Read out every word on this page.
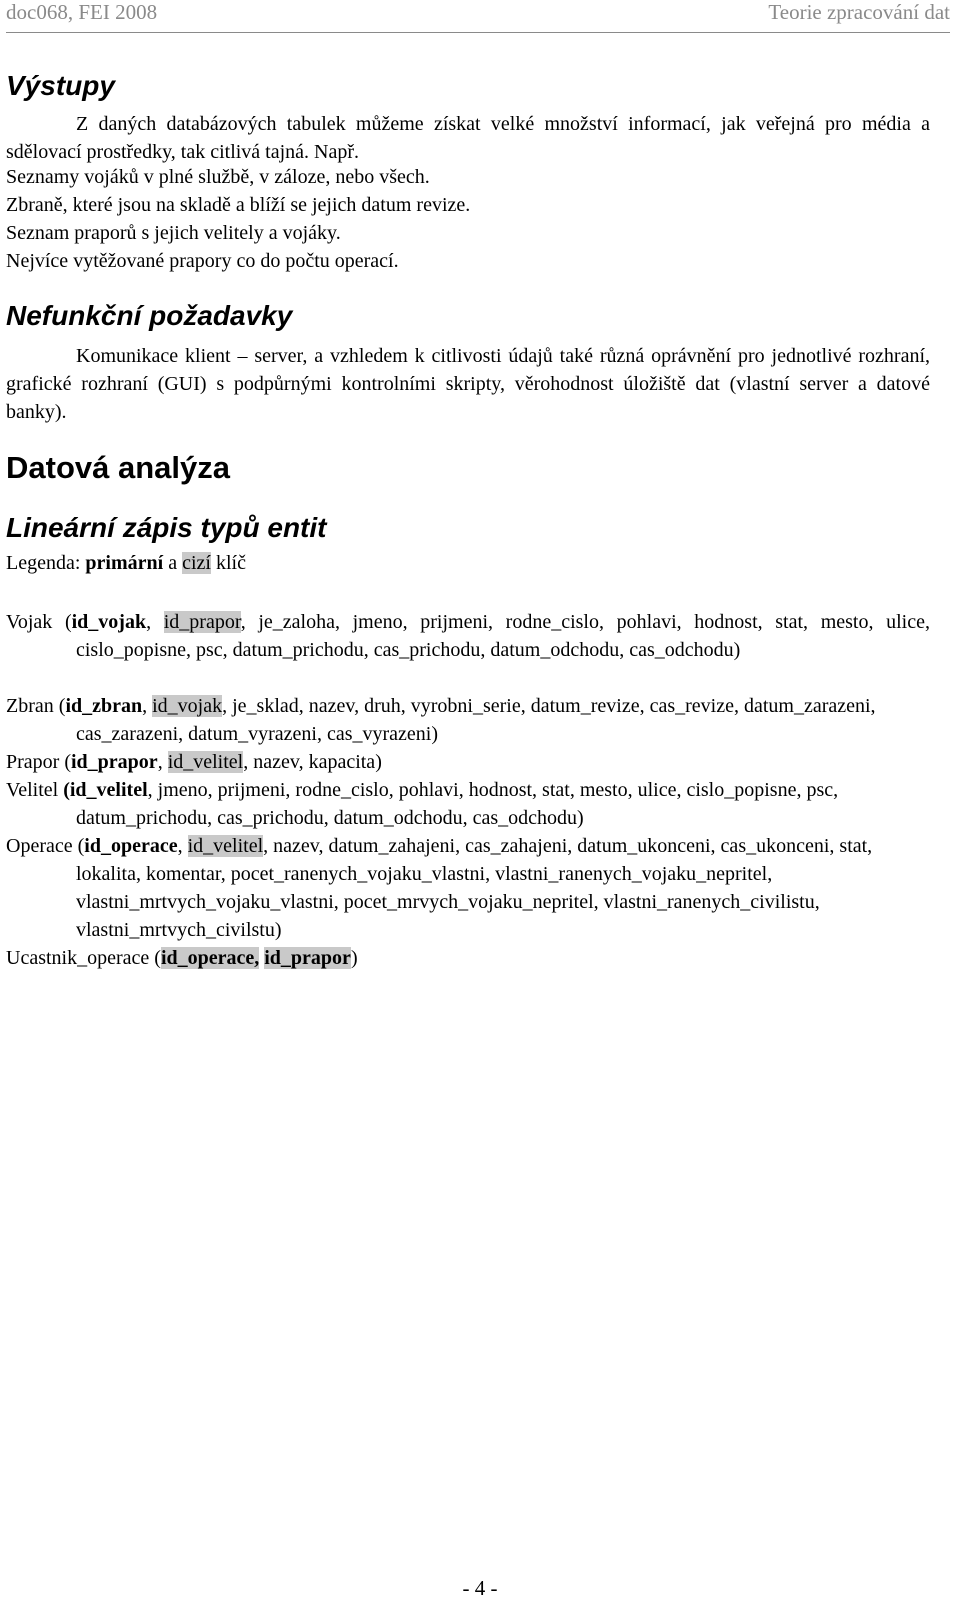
doc068, FEI 2008	Teorie zpracování dat
Výstupy
Z daných databázových tabulek můžeme získat velké množství informací, jak veřejná pro média a sdělovací prostředky, tak citlivá tajná. Např.
Seznamy vojáků v plné službě, v záloze, nebo všech.
Zbraně, které jsou na skladě a blíží se jejich datum revize.
Seznam praporů s jejich velitely a vojáky.
Nejvíce vytěžované prapory co do počtu operací.
Nefunkční požadavky
Komunikace klient – server, a vzhledem k citlivosti údajů také různá oprávnění pro jednotlivé rozhraní, grafické rozhraní (GUI) s podpůrnými kontrolními skripty, věrohodnost úložiště dat (vlastní server a datové banky).
Datová analýza
Lineární zápis typů entit
Legenda: primární a cizí klíč
Vojak (id_vojak, id_prapor, je_zaloha, jmeno, prijmeni, rodne_cislo, pohlavi, hodnost, stat, mesto, ulice, cislo_popisne, psc, datum_prichodu, cas_prichodu, datum_odchodu, cas_odchodu)
Zbran (id_zbran, id_vojak, je_sklad, nazev, druh, vyrobni_serie, datum_revize, cas_revize, datum_zarazeni, cas_zarazeni, datum_vyrazeni, cas_vyrazeni)
Prapor (id_prapor, id_velitel, nazev, kapacita)
Velitel (id_velitel, jmeno, prijmeni, rodne_cislo, pohlavi, hodnost, stat, mesto, ulice, cislo_popisne, psc, datum_prichodu, cas_prichodu, datum_odchodu, cas_odchodu)
Operace (id_operace, id_velitel, nazev, datum_zahajeni, cas_zahajeni, datum_ukonceni, cas_ukonceni, stat, lokalita, komentar, pocet_ranenych_vojaku_vlastni, vlastni_ranenych_vojaku_nepritel, vlastni_mrtvych_vojaku_vlastni, pocet_mrvych_vojaku_nepritel, vlastni_ranenych_civilistu, vlastni_mrtvych_civilstu)
Ucastnik_operace (id_operace, id_prapor)
- 4 -
